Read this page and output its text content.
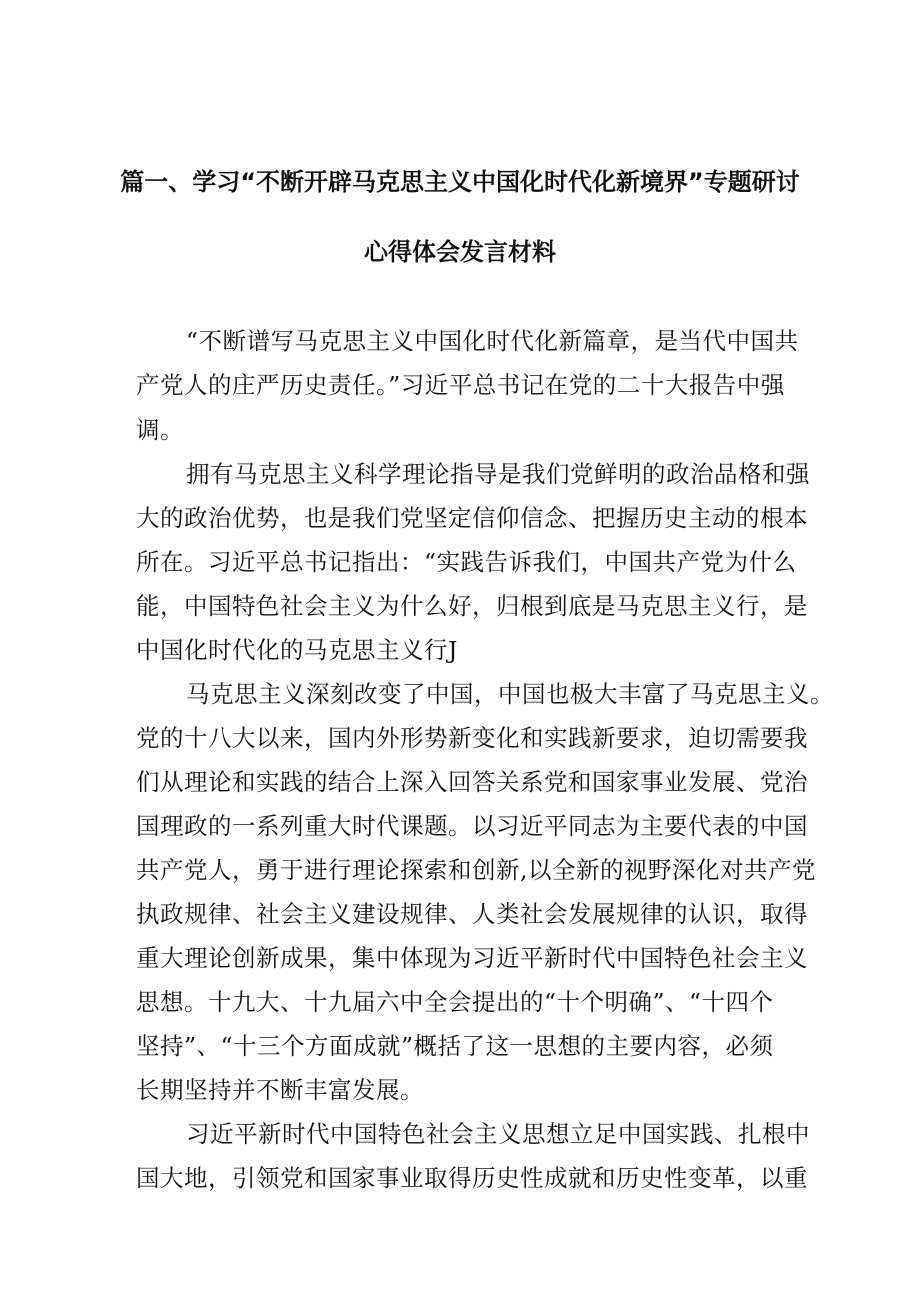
篇一、学习“不断开辟马克思主义中国化时代化新境界”专题研讨
心得体会发言材料
“不断谱写马克思主义中国化时代化新篇章，是当代中国共
产党人的庄严历史责任。”习近平总书记在党的二十大报告中强
调。
拥有马克思主义科学理论指导是我们党鲜明的政治品格和强
大的政治优势，也是我们党坚定信仰信念、把握历史主动的根本
所在。习近平总书记指出：“实践告诉我们，中国共产党为什么
能，中国特色社会主义为什么好，归根到底是马克思主义行，是
中国化时代化的马克思主义行J
马克思主义深刻改变了中国，中国也极大丰富了马克思主义。
党的十八大以来，国内外形势新变化和实践新要求，迫切需要我
们从理论和实践的结合上深入回答关系党和国家事业发展、党治
国理政的一系列重大时代课题。以习近平同志为主要代表的中国
共产党人，勇于进行理论探索和创新,以全新的视野深化对共产党
执政规律、社会主义建设规律、人类社会发展规律的认识，取得
重大理论创新成果，集中体现为习近平新时代中国特色社会主义
思想。十九大、十九届六中全会提出的“十个明确”、“十四个
坚持”、“十三个方面成就”概括了这一思想的主要内容，必须
长期坚持并不断丰富发展。
习近平新时代中国特色社会主义思想立足中国实践、扎根中
国大地，引领党和国家事业取得历史性成就和历史性变革，以重
